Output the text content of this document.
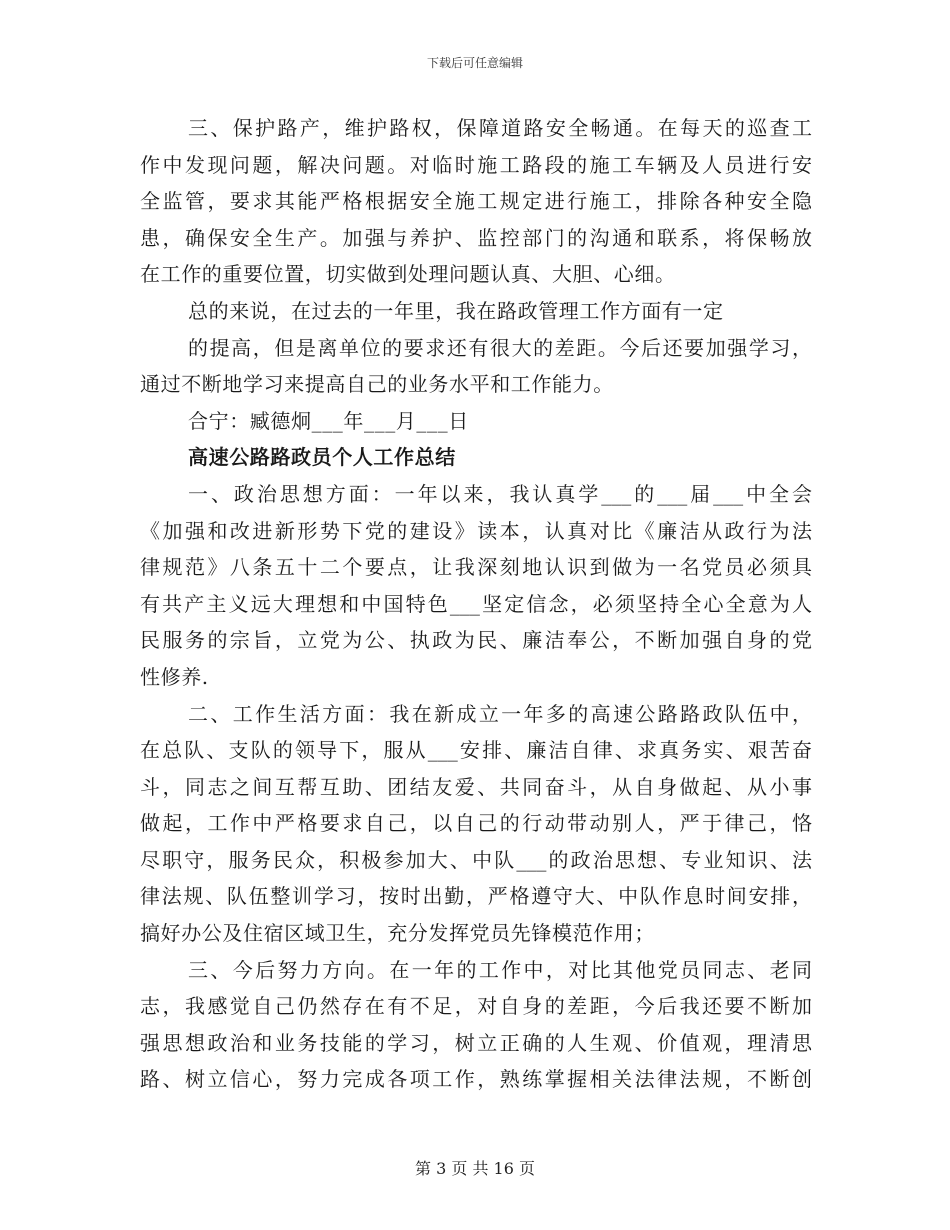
下载后可任意编辑
三、保护路产，维护路权，保障道路安全畅通。在每天的巡查工
作中发现问题，解决问题。对临时施工路段的施工车辆及人员进行安
全监管，要求其能严格根据安全施工规定进行施工，排除各种安全隐
患，确保安全生产。加强与养护、监控部门的沟通和联系，将保畅放
在工作的重要位置，切实做到处理问题认真、大胆、心细。
总的来说，在过去的一年里，我在路政管理工作方面有一定
的提高，但是离单位的要求还有很大的差距。今后还要加强学习，
通过不断地学习来提高自己的业务水平和工作能力。
合宁：臧德炯___年___月___日
高速公路路政员个人工作总结
一、政治思想方面：一年以来，我认真学___的___届___中全会
《加强和改进新形势下党的建设》读本，认真对比《廉洁从政行为法
律规范》八条五十二个要点，让我深刻地认识到做为一名党员必须具
有共产主义远大理想和中国特色___坚定信念，必须坚持全心全意为人
民服务的宗旨，立党为公、执政为民、廉洁奉公，不断加强自身的党
性修养.
二、工作生活方面：我在新成立一年多的高速公路路政队伍中，
在总队、支队的领导下，服从___安排、廉洁自律、求真务实、艰苦奋
斗，同志之间互帮互助、团结友爱、共同奋斗，从自身做起、从小事
做起，工作中严格要求自己，以自己的行动带动别人，严于律己，恪
尽职守，服务民众，积极参加大、中队___的政治思想、专业知识、法
律法规、队伍整训学习，按时出勤，严格遵守大、中队作息时间安排，
搞好办公及住宿区域卫生，充分发挥党员先锋模范作用；
三、今后努力方向。在一年的工作中，对比其他党员同志、老同
志，我感觉自己仍然存在有不足，对自身的差距，今后我还要不断加
强思想政治和业务技能的学习，树立正确的人生观、价值观，理清思
路、树立信心，努力完成各项工作，熟练掌握相关法律法规，不断创
第 3 页 共 16 页
